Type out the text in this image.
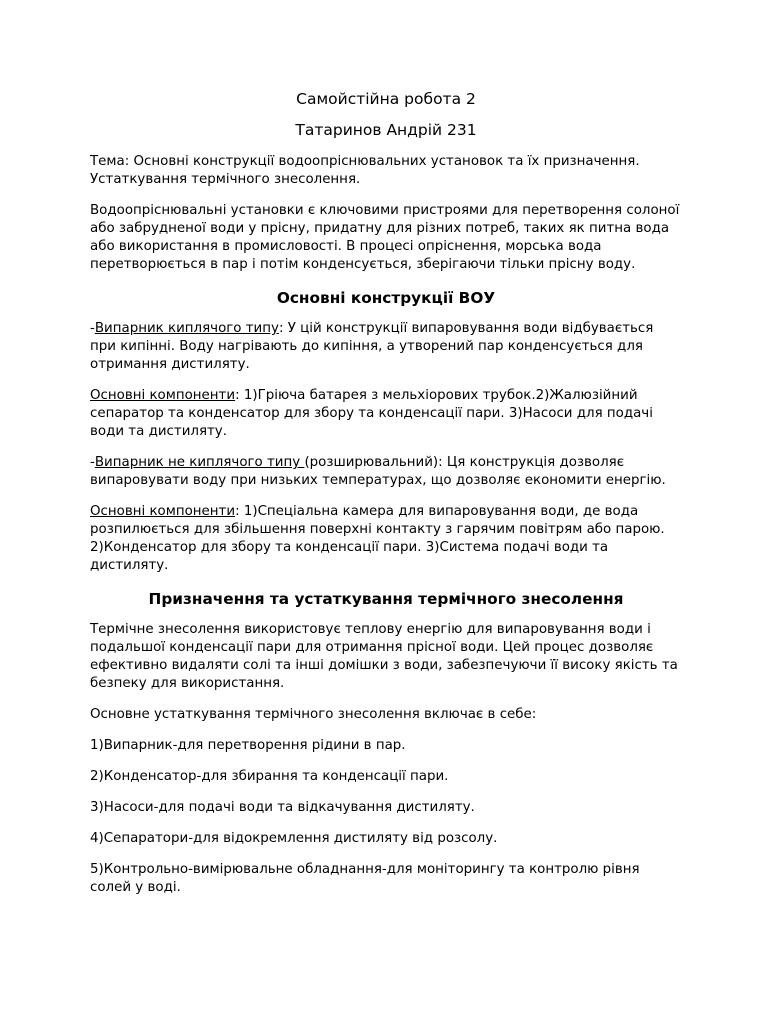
Самойстійна робота 2
Татаринов Андрій 231

Тема: Основні конструкції водоопріснювальних установок та їх призначення. Устаткування термічного знесолення.

Водоопріснювальні установки є ключовими пристроями для перетворення солоної або забрудненої води у прісну, придатну для різних потреб, таких як питна вода або використання в промисловості. В процесі опріснення, морська вода перетворюється в пар і потім конденсується, зберігаючи тільки прісну воду.

Основні конструкції ВОУ

-Випарник киплячого типу: У цій конструкції випаровування води відбувається при кипінні. Воду нагрівають до кипіння, а утворений пар конденсується для отримання дистиляту.

Основні компоненти: 1)Гріюча батарея з мельхіорових трубок.2)Жалюзійний сепаратор та конденсатор для збору та конденсації пари. 3)Насоси для подачі води та дистиляту.

-Випарник не киплячого типу (розширювальний): Ця конструкція дозволяє випаровувати воду при низьких температурах, що дозволяє економити енергію.

Основні компоненти: 1)Спеціальна камера для випаровування води, де вода розпилюється для збільшення поверхні контакту з гарячим повітрям або парою. 2)Конденсатор для збору та конденсації пари. 3)Система подачі води та дистиляту.

Призначення та устаткування термічного знесолення

Термічне знесолення використовує теплову енергію для випаровування води і подальшої конденсації пари для отримання прісної води. Цей процес дозволяє ефективно видаляти солі та інші домішки з води, забезпечуючи її високу якість та безпеку для використання.

Основне устаткування термічного знесолення включає в себе:

1)Випарник-для перетворення рідини в пар.
2)Конденсатор-для збирання та конденсації пари.
3)Насоси-для подачі води та відкачування дистиляту.
4)Сепаратори-для відокремлення дистиляту від розсолу.
5)Контрольно-вимірювальне обладнання-для моніторингу та контролю рівня солей у воді.
